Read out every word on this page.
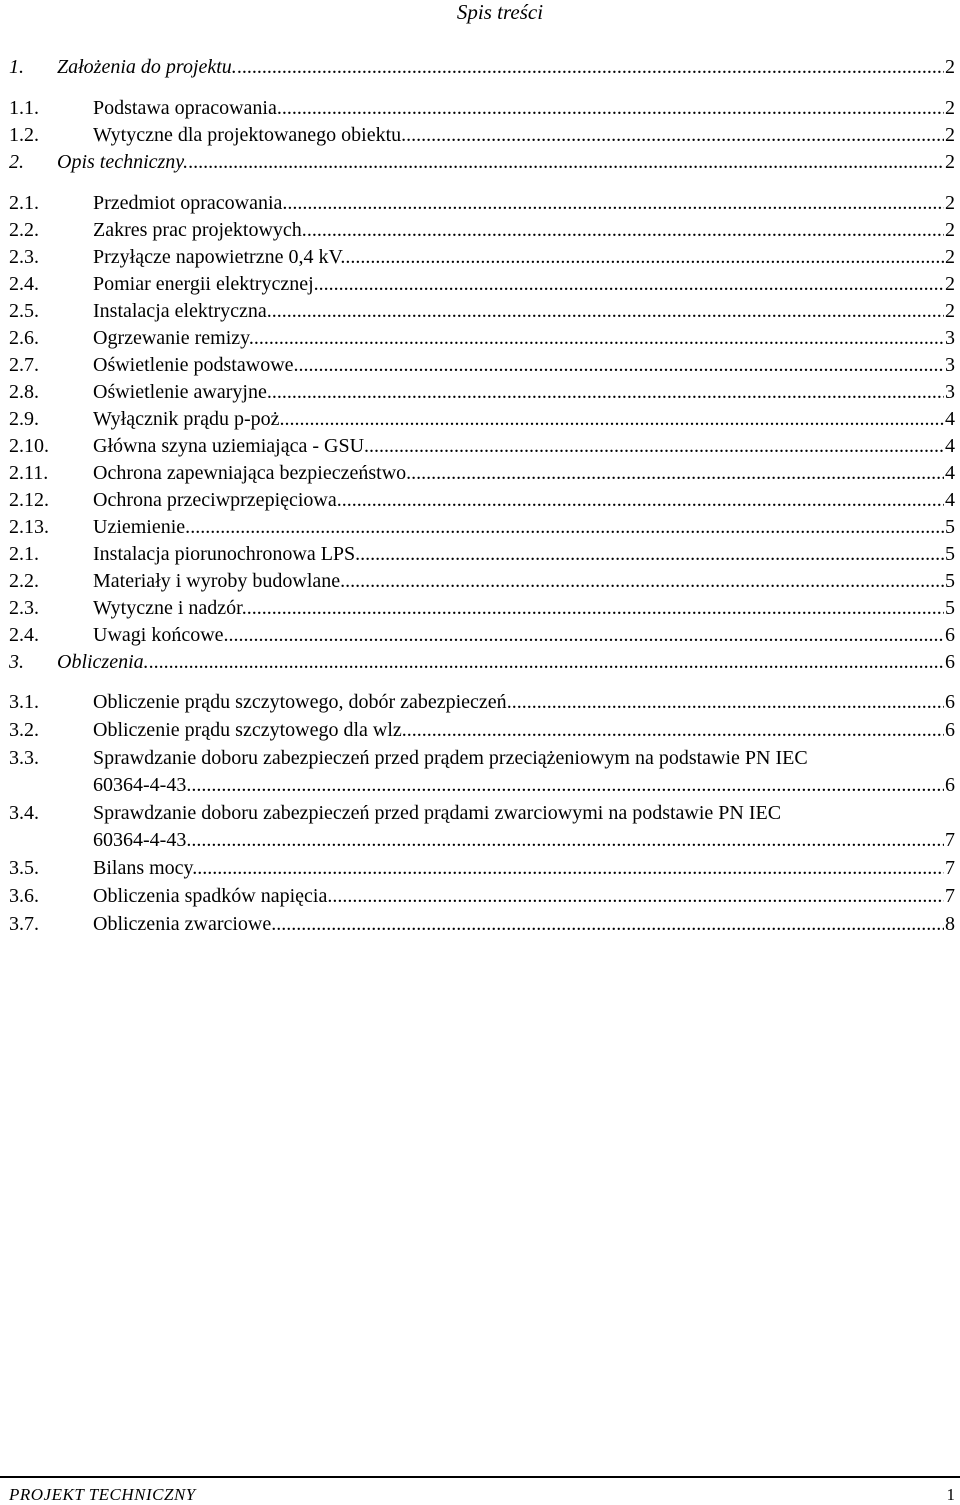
Spis treści
1. Założenia do projektu. .....	2
1.1.	Podstawa opracowania. .....	2
1.2.	Wytyczne dla projektowanego obiektu. .....	2
2. Opis techniczny. .....	2
2.1.	Przedmiot opracowania. .....	2
2.2.	Zakres prac projektowych. .....	2
2.3.	Przyłącze napowietrzne 0,4 kV. .....	2
2.4.	Pomiar energii elektrycznej. .....	2
2.5.	Instalacja elektryczna. .....	2
2.6.	Ogrzewanie remizy. .....	3
2.7.	Oświetlenie podstawowe. .....	3
2.8.	Oświetlenie awaryjne. .....	3
2.9.	Wyłącznik prądu p-poż.. .....	4
2.10. Główna szyna uziemiająca - GSU .....	4
2.11. Ochrona zapewniająca bezpieczeństwo. .....	4
2.12. Ochrona przeciwprzepięciowa. .....	4
2.13. Uziemienie. .....	5
2.1.	Instalacja piorunochronowa LPS .....	5
2.2.	Materiały i wyroby budowlane. .....	5
2.3.	Wytyczne i nadzór. .....	5
2.4.	Uwagi końcowe. .....	6
3. Obliczenia. .....	6
3.1.	Obliczenie prądu szczytowego, dobór zabezpieczeń .....	6
3.2.	Obliczenie prądu szczytowego dla wlz. .....	6
3.3.	Sprawdzanie doboru zabezpieczeń przed prądem przeciążeniowym na podstawie PN IEC
60364-4-43. .....	6
3.4.	Sprawdzanie doboru zabezpieczeń przed prądami zwarciowymi na podstawie PN IEC
60364-4-43. .....	7
3.5.	Bilans mocy. .....	7
3.6.	Obliczenia spadków napięcia .....	7
3.7.	Obliczenia zwarciowe .....	8
PROJEKT TECHNICZNY	1
